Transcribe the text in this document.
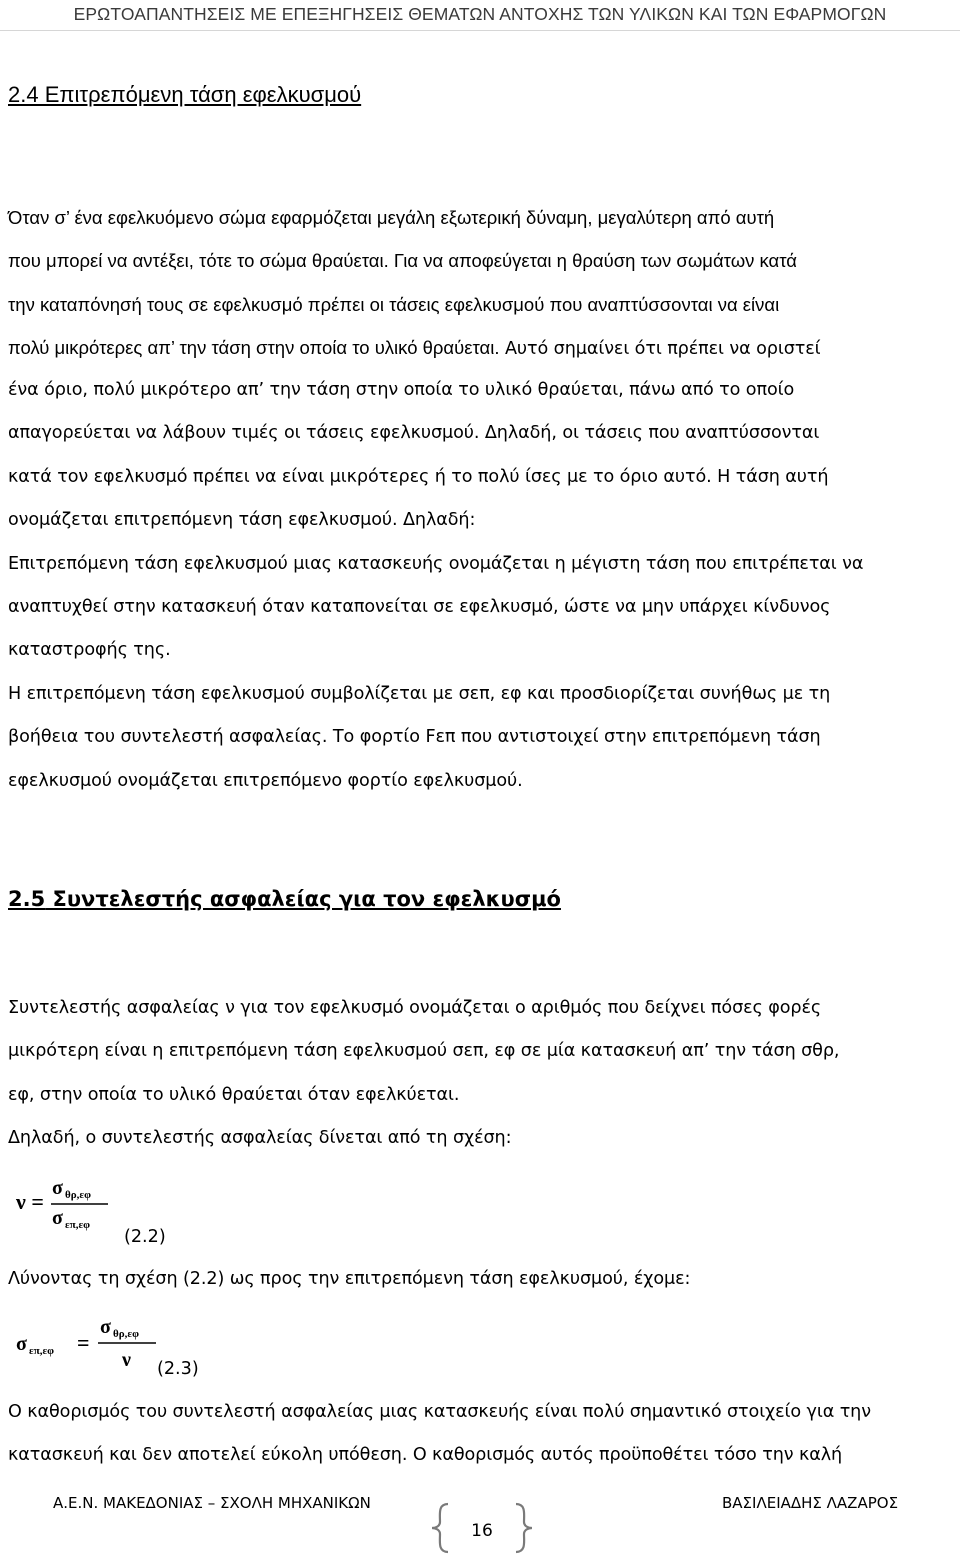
ΕΡΩΤΟΑΠΑΝΤΗΣΕΙΣ ΜΕ ΕΠΕΞΗΓΗΣΕΙΣ ΘΕΜΑΤΩΝ ΑΝΤΟΧΗΣ ΤΩΝ ΥΛΙΚΩΝ ΚΑΙ ΤΩΝ ΕΦΑΡΜΟΓΩΝ
2.4 Επιτρεπόμενη τάση εφελκυσμού
Όταν σ’ ένα εφελκυόμενο σώμα εφαρμόζεται μεγάλη εξωτερική δύναμη, μεγαλύτερη από αυτή
που μπορεί να αντέξει, τότε το σώμα θραύεται. Για να αποφεύγεται η θραύση των σωμάτων κατά
την καταπόνησή τους σε εφελκυσμό πρέπει οι τάσεις εφελκυσμού που αναπτύσσονται να είναι
πολύ μικρότερες απ’ την τάση στην οποία το υλικό θραύεται. Αυτό σημαίνει ότι πρέπει να οριστεί
ένα όριο, πολύ μικρότερο απ’ την τάση στην οποία το υλικό θραύεται, πάνω από το οποίο
απαγορεύεται να λάβουν τιμές οι τάσεις εφελκυσμού. Δηλαδή, οι τάσεις που αναπτύσσονται
κατά τον εφελκυσμό πρέπει να είναι μικρότερες ή το πολύ ίσες με το όριο αυτό. Η τάση αυτή
ονομάζεται επιτρεπόμενη τάση εφελκυσμού. Δηλαδή:
Επιτρεπόμενη τάση εφελκυσμού μιας κατασκευής ονομάζεται η μέγιστη τάση που επιτρέπεται να
αναπτυχθεί στην κατασκευή όταν καταπονείται σε εφελκυσμό, ώστε να μην υπάρχει κίνδυνος
καταστροφής της.
Η επιτρεπόμενη τάση εφελκυσμού συμβολίζεται με σεπ, εφ και προσδιορίζεται συνήθως με τη
βοήθεια του συντελεστή ασφαλείας. Το φορτίο Fεπ που αντιστοιχεί στην επιτρεπόμενη τάση
εφελκυσμού ονομάζεται επιτρεπόμενο φορτίο εφελκυσμού.
2.5 Συντελεστής ασφαλείας για τον εφελκυσμό
Συντελεστής ασφαλείας ν για τον εφελκυσμό ονομάζεται ο αριθμός που δείχνει πόσες φορές
μικρότερη είναι η επιτρεπόμενη τάση εφελκυσμού σεπ, εφ σε μία κατασκευή απ’ την τάση σθρ,
εφ, στην οποία το υλικό θραύεται όταν εφελκύεται.
Δηλαδή, ο συντελεστής ασφαλείας δίνεται από τη σχέση:
ν =
σ θρ,εφ
σ επ,εφ
(2.2)
Λύνοντας τη σχέση (2.2) ως προς την επιτρεπόμενη τάση εφελκυσμού, έχομε:
σ επ,εφ =
σ θρ,εφ
ν (2.3)
Ο καθορισμός του συντελεστή ασφαλείας μιας κατασκευής είναι πολύ σημαντικό στοιχείο για την
κατασκευή και δεν αποτελεί εύκολη υπόθεση. Ο καθορισμός αυτός προϋποθέτει τόσο την καλή
Α.Ε.Ν. ΜΑΚΕΔΟΝΙΑΣ – ΣΧΟΛΗ ΜΗΧΑΝΙΚΩΝ	ΒΑΣΙΛΕΙΑΔΗΣ ΛΑΖΑΡΟΣ
16
